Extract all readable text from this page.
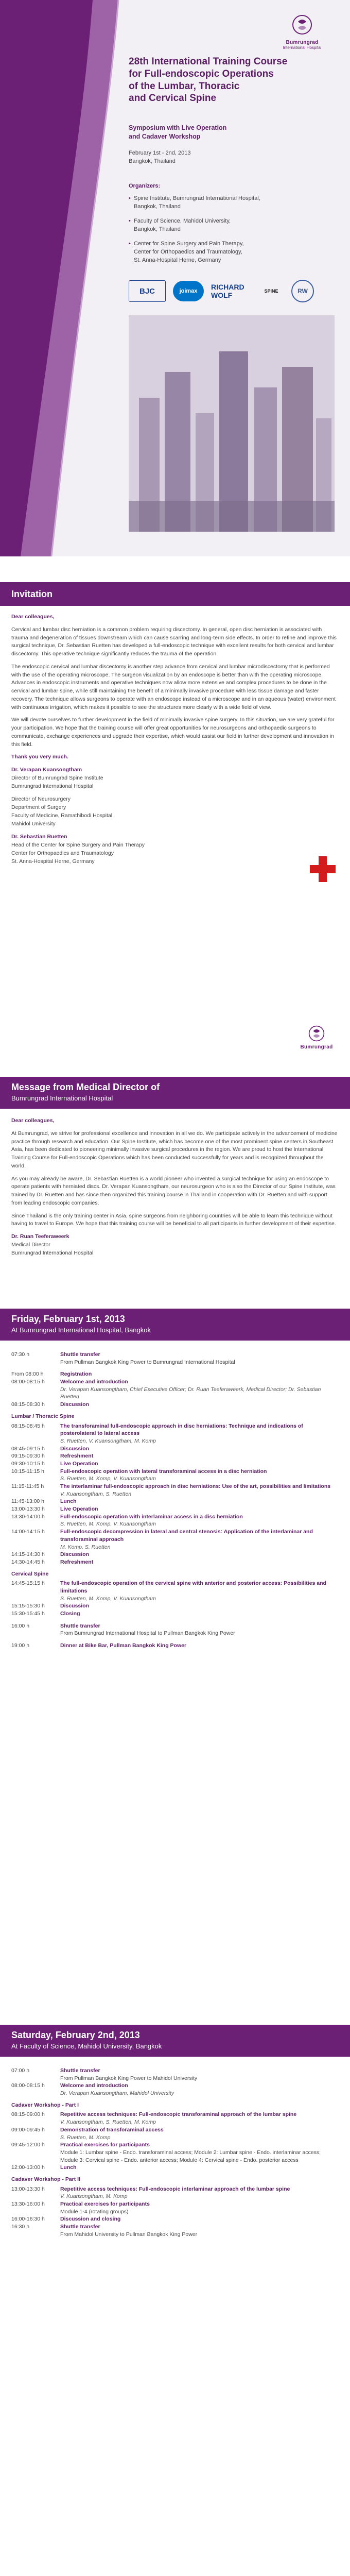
Bumrungrad
International Hospital
28th International Training Course
for Full-endoscopic Operations
of the Lumbar, Thoracic
and Cervical Spine
Symposium with Live Operation
and Cadaver Workshop
February 1st - 2nd, 2013
Bangkok, Thailand
Organizers:
• Spine Institute, Bumrungrad International Hospital,
Bangkok, Thailand
• Faculty of Science, Mahidol University,
Bangkok, Thailand
• Center for Spine Surgery and Pain Therapy,
Center for Orthopaedics and Traumatology,
St. Anna-Hospital Herne, Germany
BJC	joimax	RICHARD WOLF	SPINE	RW
Invitation

Dear colleagues,

Cervical and lumbar disc herniation is a common problem requiring discectomy. In general, open disc herniation is associated with trauma and degeneration of tissues downstream which can cause scarring and long-term side effects. In order to refine and improve this surgical technique, Dr. Sebastian Ruetten has developed a full-endoscopic technique with excellent results for both cervical and lumbar discectomy. This operative technique significantly reduces the trauma of the operation.

The endoscopic cervical and lumbar discectomy is another step advance from cervical and lumbar microdiscectomy that is performed with the use of the operating microscope. The surgeon visualization by an endoscope is better than with the operating microscope. Advances in endoscopic instruments and operative techniques now allow more extensive and complex procedures to be done in the cervical and lumbar spine, while still maintaining the benefit of a minimally invasive procedure with less tissue damage and faster recovery. The technique allows surgeons to operate with an endoscope instead of a microscope and in an aqueous (water) environment with continuous irrigation, which makes it possible to see the structures more clearly with a wide field of view.

We will devote ourselves to further development in the field of minimally invasive spine surgery. In this situation, we are very grateful for your participation. We hope that the training course will offer great opportunities for neurosurgeons and orthopaedic surgeons to communicate, exchange experiences and upgrade their expertise, which would assist our field in further development and innovation in this field.

Thank you very much.

Dr. Verapan Kuansongtham
Director of Bumrungrad Spine Institute
Bumrungrad International Hospital
Director of Neurosurgery
Department of Surgery
Faculty of Medicine, Ramathibodi Hospital
Mahidol University
Dr. Sebastian Ruetten
Head of the Center for Spine Surgery and Pain Therapy
Center for Orthopaedics and Traumatology
St. Anna-Hospital Herne, Germany
Bumrungrad
Message from Medical Director of
Bumrungrad International Hospital

Dear colleagues,

At Bumrungrad, we strive for professional excellence and innovation in all we do. We participate actively in the advancement of medicine practice through research and education. Our Spine Institute, which has become one of the most prominent spine centers in Southeast Asia, has been dedicated to pioneering minimally invasive surgical procedures in the region. We are proud to host the International Training Course for Full-endoscopic Operations which has been conducted successfully for years and is recognized throughout the world.

As you may already be aware, Dr. Sebastian Ruetten is a world pioneer who invented a surgical technique for using an endoscope to operate patients with herniated discs. Dr. Verapan Kuansongtham, our neurosurgeon who is also the Director of our Spine Institute, was trained by Dr. Ruetten and has since then organized this training course in Thailand in cooperation with Dr. Ruetten and with support from leading endoscopic companies.

Since Thailand is the only training center in Asia, spine surgeons from neighboring countries will be able to learn this technique without having to travel to Europe. We hope that this training course will be beneficial to all participants in further development of their expertise.

Dr. Ruan Teeferaweerk
Medical Director
Bumrungrad International Hospital
Friday, February 1st, 2013
At Bumrungrad International Hospital, Bangkok
07:30 h	Shuttle transfer
From Pullman Bangkok King Power to Bumrungrad International Hospital
From 08:00 h	Registration
08:00-08:15 h	Welcome and introduction
Dr. Verapan Kuansongtham, Chief Executive Officer; Dr. Ruan Teeferaweerk, Medical Director; Dr. Sebastian Ruetten
08:15-08:30 h	Discussion
Lumbar / Thoracic Spine
08:15-08:45 h	The transforaminal full-endoscopic approach in disc herniations: Technique and indications of posterolateral to lateral access
S. Ruetten, V. Kuansongtham, M. Komp
08:45-09:15 h	Discussion
09:15-09:30 h	Refreshment
09:30-10:15 h	Live Operation
10:15-11:15 h	Full-endoscopic operation with lateral transforaminal access in a disc herniation
S. Ruetten, M. Komp, V. Kuansongtham
11:15-11:45 h	The interlaminar full-endoscopic approach in disc herniations: Use of the art, possibilities and limitations
V. Kuansongtham, S. Ruetten
11:45-13:00 h	Lunch
13:00-13:30 h	Live Operation
13:30-14:00 h	Full-endoscopic operation with interlaminar access in a disc herniation
S. Ruetten, M. Komp, V. Kuansongtham
14:00-14:15 h	Full-endoscopic decompression in lateral and central stenosis: Application of the interlaminar and transforaminal approach
M. Komp, S. Ruetten
14:15-14:30 h	Discussion
14:30-14:45 h	Refreshment
Cervical Spine
14:45-15:15 h	The full-endoscopic operation of the cervical spine with anterior and posterior access: Possibilities and limitations
S. Ruetten, M. Komp, V. Kuansongtham
15:15-15:30 h	Discussion
15:30-15:45 h	Closing
16:00 h	Shuttle transfer
From Bumrungrad International Hospital to Pullman Bangkok King Power
19:00 h	Dinner at Bike Bar, Pullman Bangkok King Power
Saturday, February 2nd, 2013
At Faculty of Science, Mahidol University, Bangkok
07:00 h	Shuttle transfer
From Pullman Bangkok King Power to Mahidol University
08:00-08:15 h	Welcome and introduction
Dr. Verapan Kuansongtham, Mahidol University
Cadaver Workshop - Part I
08:15-09:00 h	Repetitive access techniques: Full-endoscopic transforaminal approach of the lumbar spine
V. Kuansongtham, S. Ruetten, M. Komp
09:00-09:45 h	Demonstration of transforaminal access
S. Ruetten, M. Komp
09:45-12:00 h	Practical exercises for participants
Module 1: Lumbar spine - Endo. transforaminal access; Module 2: Lumbar spine - Endo. interlaminar access; Module 3: Cervical spine - Endo. anterior access; Module 4: Cervical spine - Endo. posterior access
12:00-13:00 h	Lunch
Cadaver Workshop - Part II
13:00-13:30 h	Repetitive access techniques: Full-endoscopic interlaminar approach of the lumbar spine
V. Kuansongtham, M. Komp
13:30-16:00 h	Practical exercises for participants
Module 1-4 (rotating groups)
16:00-16:30 h	Discussion and closing
16:30 h	Shuttle transfer
From Mahidol University to Pullman Bangkok King Power
